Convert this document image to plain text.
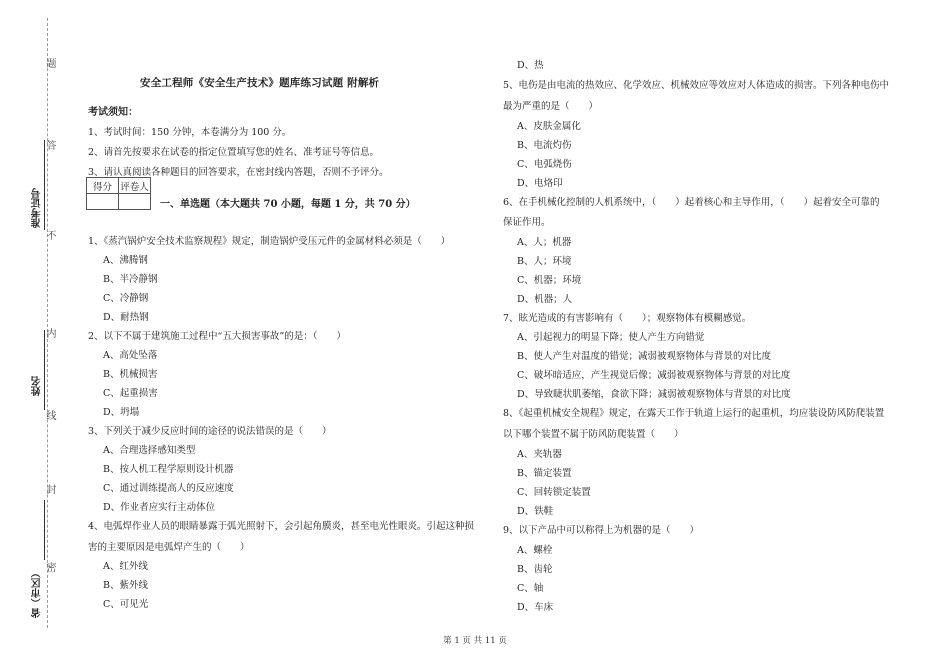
题
答
不
内
线
封
密
准考证号
姓名
省（市区）
安全工程师《安全生产技术》题库练习试题 附解析
考试须知：
1、考试时间：150 分钟，本卷满分为 100 分。
2、请首先按要求在试卷的指定位置填写您的姓名、准考证号等信息。
3、请认真阅读各种题目的回答要求，在密封线内答题，否则不予评分。
得分	评卷人

一、单选题（本大题共 70 小题，每题 1 分，共 70 分）
1、《蒸汽锅炉安全技术监察规程》规定，制造锅炉受压元件的金属材料必须是（　　）
A、沸腾钢
B、半冷静钢
C、冷静钢
D、耐热钢
2、以下不属于建筑施工过程中“五大损害事故”的是：（　　）
A、高处坠落
B、机械损害
C、起重损害
D、坍塌
3、下列关于减少反应时间的途径的说法错误的是（　　）
A、合理选择感知类型
B、按人机工程学原则设计机器
C、通过训练提高人的反应速度
D、作业者应实行主动体位
4、电弧焊作业人员的眼睛暴露于弧光照射下，会引起角膜炎，甚至电光性眼炎。引起这种损
害的主要原因是电弧焊产生的（　　）
A、红外线
B、紫外线
C、可见光
D、热
5、电伤是由电流的热效应、化学效应、机械效应等效应对人体造成的损害。下列各种电伤中
最为严重的是（　　）
A、皮肤金属化
B、电流灼伤
C、电弧烧伤
D、电烙印
6、在手机械化控制的人机系统中，（　　）起着核心和主导作用，（　　）起着安全可靠的
保证作用。
A、人；机器
B、人；环境
C、机器；环境
D、机器；人
7、眩光造成的有害影响有（　　）；观察物体有模糊感觉。
A、引起视力的明显下降；使人产生方向错觉
B、使人产生对温度的错觉；减弱被观察物体与背景的对比度
C、破坏暗适应，产生视觉后像；减弱被观察物体与背景的对比度
D、导致睫状肌萎缩，食欲下降；减弱被观察物体与背景的对比度
8、《起重机械安全规程》规定，在露天工作于轨道上运行的起重机，均应装设防风防爬装置
以下哪个装置不属于防风防爬装置（　　）
A、夹轨器
B、锚定装置
C、回转锁定装置
D、铁鞋
9、以下产品中可以称得上为机器的是（　　）
A、螺栓
B、齿轮
C、轴
D、车床
第 1 页 共 11 页
